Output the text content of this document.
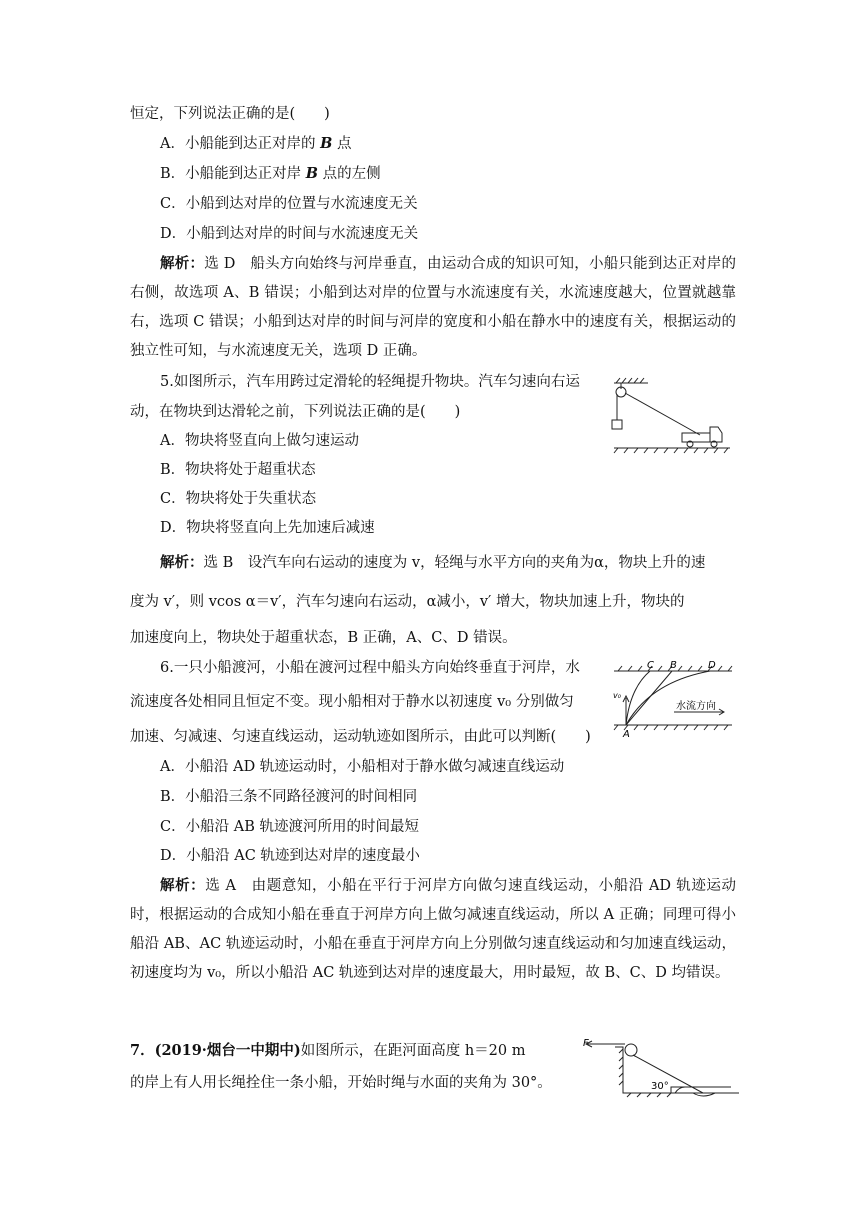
恒定，下列说法正确的是(　　)
A．小船能到达正对岸的 B 点
B．小船能到达正对岸 B 点的左侧
C．小船到达对岸的位置与水流速度无关
D．小船到达对岸的时间与水流速度无关
解析：选 D　船头方向始终与河岸垂直，由运动合成的知识可知，小船只能到达正对岸的右侧，故选项 A、B 错误；小船到达对岸的位置与水流速度有关，水流速度越大，位置就越靠右，选项 C 错误；小船到达对岸的时间与河岸的宽度和小船在静水中的速度有关，根据运动的独立性可知，与水流速度无关，选项 D 正确。
5.如图所示，汽车用跨过定滑轮的轻绳提升物块。汽车匀速向右运
动，在物块到达滑轮之前，下列说法正确的是(　　)
A．物块将竖直向上做匀速运动
B．物块将处于超重状态
C．物块将处于失重状态
D．物块将竖直向上先加速后减速
解析：选 B　设汽车向右运动的速度为 v，轻绳与水平方向的夹角为α，物块上升的速
度为 v′，则 vcos α＝v′，汽车匀速向右运动，α减小，v′ 增大，物块加速上升，物块的
加速度向上，物块处于超重状态，B 正确，A、C、D 错误。
6.一只小船渡河，小船在渡河过程中船头方向始终垂直于河岸，水
流速度各处相同且恒定不变。现小船相对于静水以初速度 v₀ 分别做匀
加速、匀减速、匀速直线运动，运动轨迹如图所示，由此可以判断(　　)
A．小船沿 AD 轨迹运动时，小船相对于静水做匀减速直线运动
B．小船沿三条不同路径渡河的时间相同
C．小船沿 AB 轨迹渡河所用的时间最短
D．小船沿 AC 轨迹到达对岸的速度最小
解析：选 A　由题意知，小船在平行于河岸方向做匀速直线运动，小船沿 AD 轨迹运动时，根据运动的合成知小船在垂直于河岸方向上做匀减速直线运动，所以 A 正确；同理可得小船沿 AB、AC 轨迹运动时，小船在垂直于河岸方向上分别做匀速直线运动和匀加速直线运动，初速度均为 v₀，所以小船沿 AC 轨迹到达对岸的速度最大，用时最短，故 B、C、D 均错误。
C B	D
A
v₀
水流方向
7．(2019·烟台一中期中)如图所示，在距河面高度 h＝20 m
的岸上有人用长绳拴住一条小船，开始时绳与水面的夹角为 30°。
F
30°
